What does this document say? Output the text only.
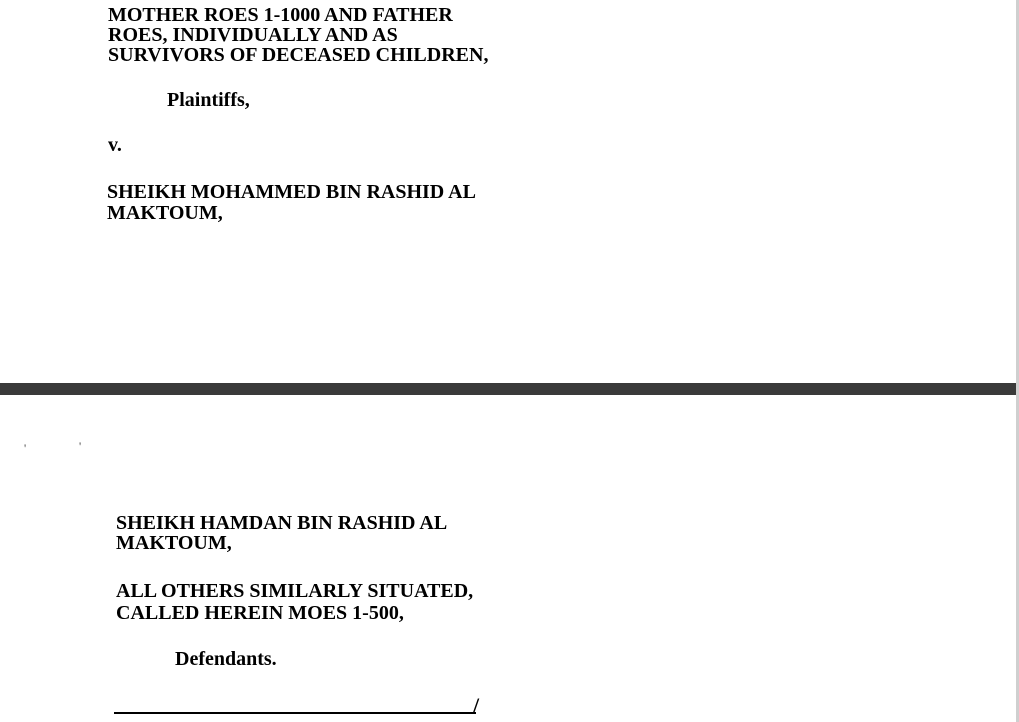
MOTHER ROES 1-1000 AND FATHER

ROES, INDIVIDUALLY AND AS

SURVIVORS OF DECEASED CHILDREN,

Plaintiffs,

v.

SHEIKH MOHAMMED BIN RASHID AL

MAKTOUM,

'	'

SHEIKH HAMDAN BIN RASHID AL

MAKTOUM,

ALL OTHERS SIMILARLY SITUATED,

CALLED HEREIN MOES 1-500,

Defendants.

/
